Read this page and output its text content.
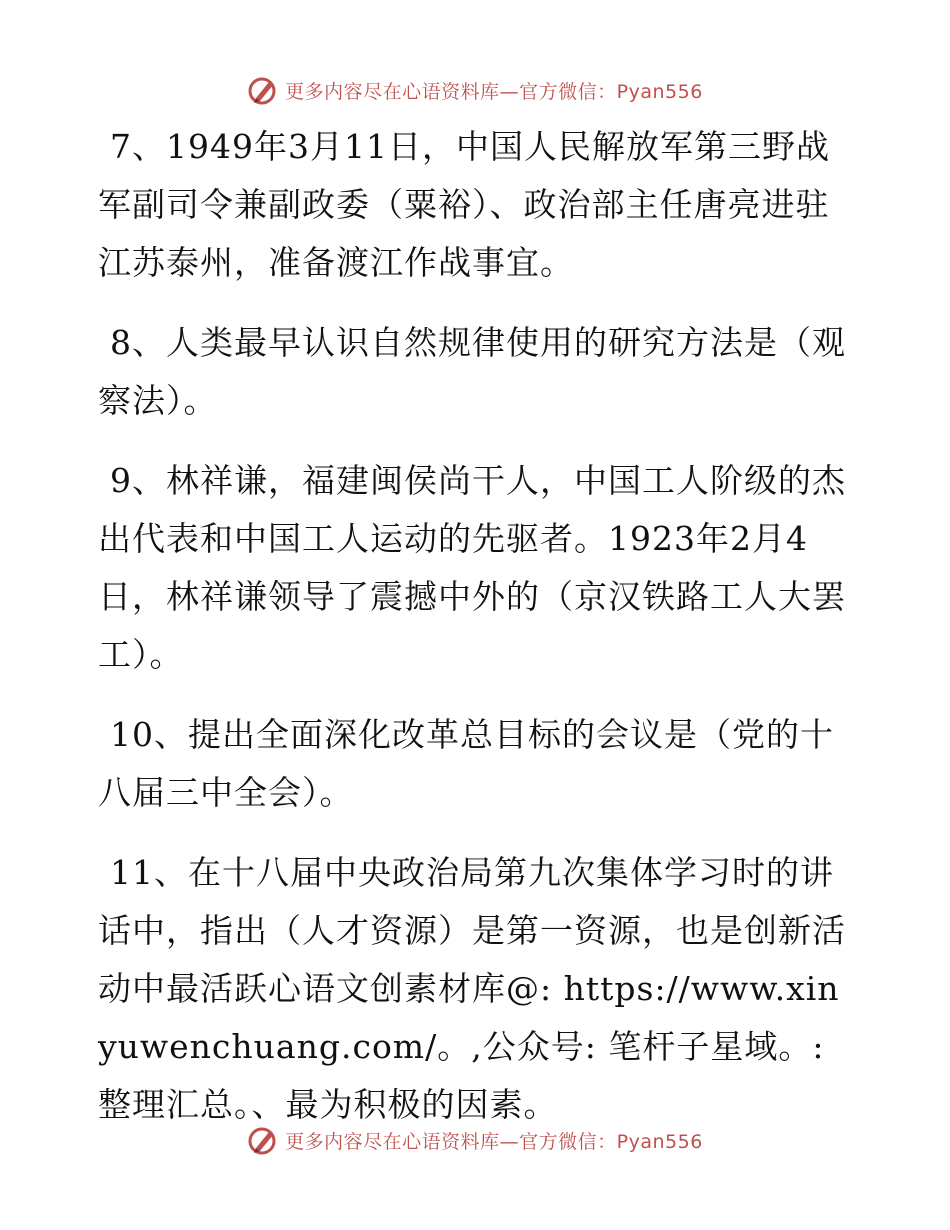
更多内容尽在心语资料库—官方微信：Pyan556

7、1949年3月11日，中国人民解放军第三野战军副司令兼副政委（粟裕）、政治部主任唐亮进驻江苏泰州，准备渡江作战事宜。

8、人类最早认识自然规律使用的研究方法是（观察法）。

9、林祥谦，福建闽侯尚干人，中国工人阶级的杰出代表和中国工人运动的先驱者。1923年2月4日，林祥谦领导了震撼中外的（京汉铁路工人大罢工）。

10、提出全面深化改革总目标的会议是（党的十八届三中全会）。

11、在十八届中央政治局第九次集体学习时的讲话中，指出（人才资源）是第一资源，也是创新活动中最活跃心语文创素材库@: https://www.xinyuwenchuang.com/。,公众号: 笔杆子星域。:整理汇总。、最为积极的因素。

更多内容尽在心语资料库—官方微信：Pyan556
